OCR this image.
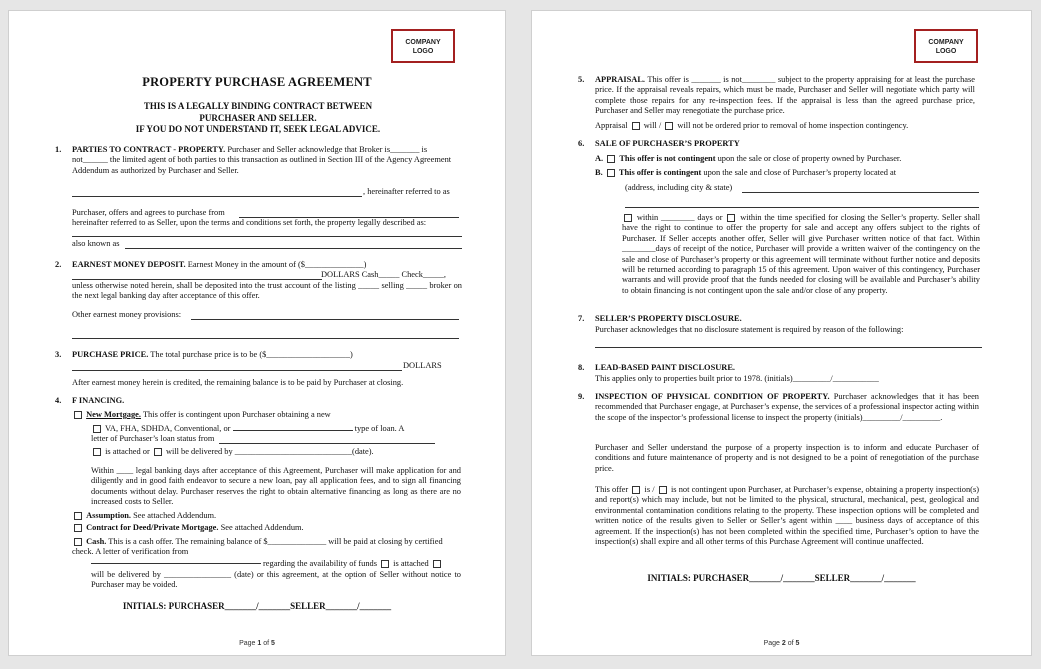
COMPANY
LOGO
PROPERTY PURCHASE AGREEMENT
THIS IS A LEGALLY BINDING CONTRACT BETWEEN
PURCHASER AND SELLER.
IF YOU DO NOT UNDERSTAND IT, SEEK LEGAL ADVICE.
1. PARTIES TO CONTRACT - PROPERTY. Purchaser and Seller acknowledge that Broker is_______ is not______ the limited agent of both parties to this transaction as outlined in Section III of the Agency Agreement Addendum as authorized by Purchaser and Seller.
, hereinafter referred to as
Purchaser, offers and agrees to purchase from
hereinafter referred to as Seller, upon the terms and conditions set forth, the property legally described as:
also known as
2. EARNEST MONEY DEPOSIT. Earnest Money in the amount of ($______________)
DOLLARS Cash_____ Check_____,
unless otherwise noted herein, shall be deposited into the trust account of the listing _____ selling _____ broker on the next legal banking day after acceptance of this offer.
Other earnest money provisions:
3. PURCHASE PRICE. The total purchase price is to be ($____________________)
DOLLARS
After earnest money herein is credited, the remaining balance is to be paid by Purchaser at closing.
4. F INANCING.
New Mortgage. This offer is contingent upon Purchaser obtaining a new
VA, FHA, SDHDA, Conventional, or	type of loan. A
letter of Purchaser’s loan status from
is attached or will be delivered by ____________________________(date).
Within ____ legal banking days after acceptance of this Agreement, Purchaser will make application for and diligently and in good faith endeavor to secure a new loan, pay all application fees, and to sign all financing documents without delay. Purchaser reserves the right to obtain alternative financing as long as there are no increased costs to Seller.
Assumption. See attached Addendum.
Contract for Deed/Private Mortgage. See attached Addendum.
Cash. This is a cash offer. The remaining balance of $______________ will be paid at closing by certified check. A letter of verification from
regarding the availability of funds is attached
will be delivered by ________________ (date) or this agreement, at the option of Seller without notice to Purchaser may be voided.
INITIALS: PURCHASER_______/_______SELLER_______/_______
Page 1 of 5
COMPANY
LOGO
5. APPRAISAL. This offer is _______ is not________ subject to the property appraising for at least the purchase price. If the appraisal reveals repairs, which must be made, Purchaser and Seller will negotiate which party will complete those repairs for any re-inspection fees. If the appraisal is less than the agreed purchase price, Purchaser and Seller may renegotiate the purchase price.
Appraisal will / will not be ordered prior to removal of home inspection contingency.
6. SALE OF PURCHASER’S PROPERTY
A. This offer is not contingent upon the sale or close of property owned by Purchaser.
B. This offer is contingent upon the sale and close of Purchaser’s property located at
(address, including city & state)
within ________ days or within the time specified for closing the Seller’s property. Seller shall have the right to continue to offer the property for sale and accept any offers subject to the rights of Purchaser. If Seller accepts another offer, Seller will give Purchaser written notice of that fact. Within ________days of receipt of the notice, Purchaser will provide a written waiver of the contingency on the sale and close of Purchaser’s property or this agreement will terminate without further notice and deposits will be returned according to paragraph 15 of this agreement. Upon waiver of this contingency, Purchaser warrants and will provide proof that the funds needed for closing will be available and Purchaser’s ability to obtain financing is not contingent upon the sale and/or close of any property.
7. SELLER’S PROPERTY DISCLOSURE.
Purchaser acknowledges that no disclosure statement is required by reason of the following:
8. LEAD-BASED PAINT DISCLOSURE.
This applies only to properties built prior to 1978. (initials)_________/___________
9. INSPECTION OF PHYSICAL CONDITION OF PROPERTY. Purchaser acknowledges that it has been recommended that Purchaser engage, at Purchaser’s expense, the services of a professional inspector acting within the scope of the inspector’s professional license to inspect the property (initials)_________/_________.
Purchaser and Seller understand the purpose of a property inspection is to inform and educate Purchaser of conditions and future maintenance of property and is not designed to be a point of renegotiation of the purchase price.
This offer is / is not contingent upon Purchaser, at Purchaser’s expense, obtaining a property inspection(s) and report(s) which may include, but not be limited to the physical, structural, mechanical, pest, geological and environmental contamination conditions relating to the property. These inspection options will be completed and written notice of the results given to Seller or Seller’s agent within ____ business days of acceptance of this agreement. If the inspection(s) has not been completed within the specified time, Purchaser’s option to have the inspection(s) shall expire and all other terms of this Purchase Agreement will continue unaffected.
INITIALS: PURCHASER_______/_______SELLER_______/_______
Page 2 of 5
